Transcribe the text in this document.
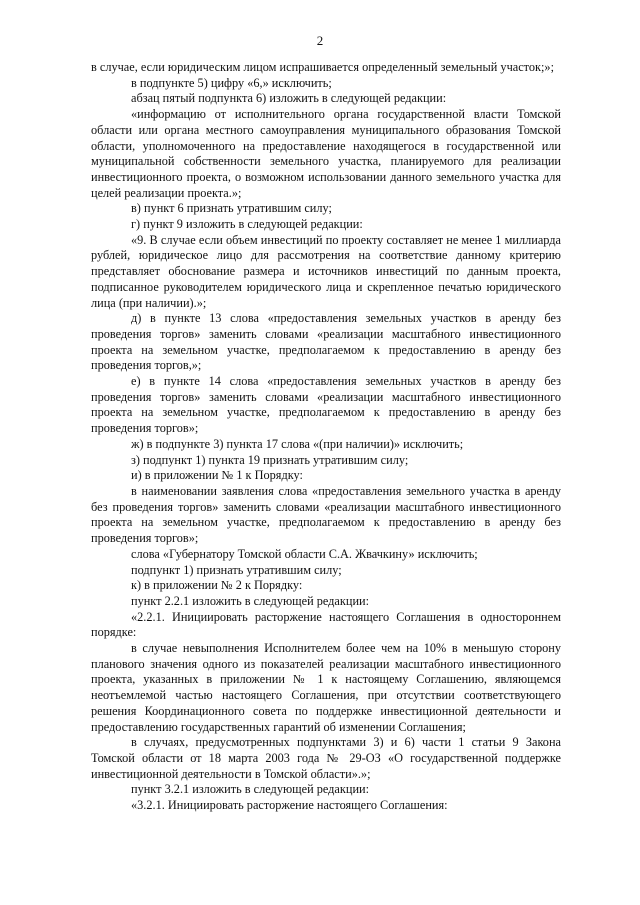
2

в случае, если юридическим лицом испрашивается определенный земельный участок;»;

в подпункте 5) цифру «6,» исключить;

абзац пятый подпункта 6) изложить в следующей редакции:

«информацию от исполнительного органа государственной власти Томской области или органа местного самоуправления муниципального образования Томской области, уполномоченного на предоставление находящегося в государственной или муниципальной собственности земельного участка, планируемого для реализации инвестиционного проекта, о возможном использовании данного земельного участка для целей реализации проекта.»;

в) пункт 6 признать утратившим силу;

г) пункт 9 изложить в следующей редакции:

«9. В случае если объем инвестиций по проекту составляет не менее 1 миллиарда рублей, юридическое лицо для рассмотрения на соответствие данному критерию представляет обоснование размера и источников инвестиций по данным проекта, подписанное руководителем юридического лица и скрепленное печатью юридического лица (при наличии).»;

д) в пункте 13 слова «предоставления земельных участков в аренду без проведения торгов» заменить словами «реализации масштабного инвестиционного проекта на земельном участке, предполагаемом к предоставлению в аренду без проведения торгов,»;

е) в пункте 14 слова «предоставления земельных участков в аренду без проведения торгов» заменить словами «реализации масштабного инвестиционного проекта на земельном участке, предполагаемом к предоставлению в аренду без проведения торгов»;

ж) в подпункте 3) пункта 17 слова «(при наличии)» исключить;

з) подпункт 1) пункта 19 признать утратившим силу;

и) в приложении № 1 к Порядку:

в наименовании заявления слова «предоставления земельного участка в аренду без проведения торгов» заменить словами «реализации масштабного инвестиционного проекта на земельном участке, предполагаемом к предоставлению в аренду без проведения торгов»;

слова «Губернатору Томской области С.А. Жвачкину» исключить;

подпункт 1) признать утратившим силу;

к) в приложении № 2 к Порядку:

пункт 2.2.1 изложить в следующей редакции:

«2.2.1. Инициировать расторжение настоящего Соглашения в одностороннем порядке:

в случае невыполнения Исполнителем более чем на 10% в меньшую сторону планового значения одного из показателей реализации масштабного инвестиционного проекта, указанных в приложении № 1 к настоящему Соглашению, являющемся неотъемлемой частью настоящего Соглашения, при отсутствии соответствующего решения Координационного совета по поддержке инвестиционной деятельности и предоставлению государственных гарантий об изменении Соглашения;

в случаях, предусмотренных подпунктами 3) и 6) части 1 статьи 9 Закона Томской области от 18 марта 2003 года № 29-ОЗ «О государственной поддержке инвестиционной деятельности в Томской области».»;

пункт 3.2.1 изложить в следующей редакции:

«3.2.1. Инициировать расторжение настоящего Соглашения:
